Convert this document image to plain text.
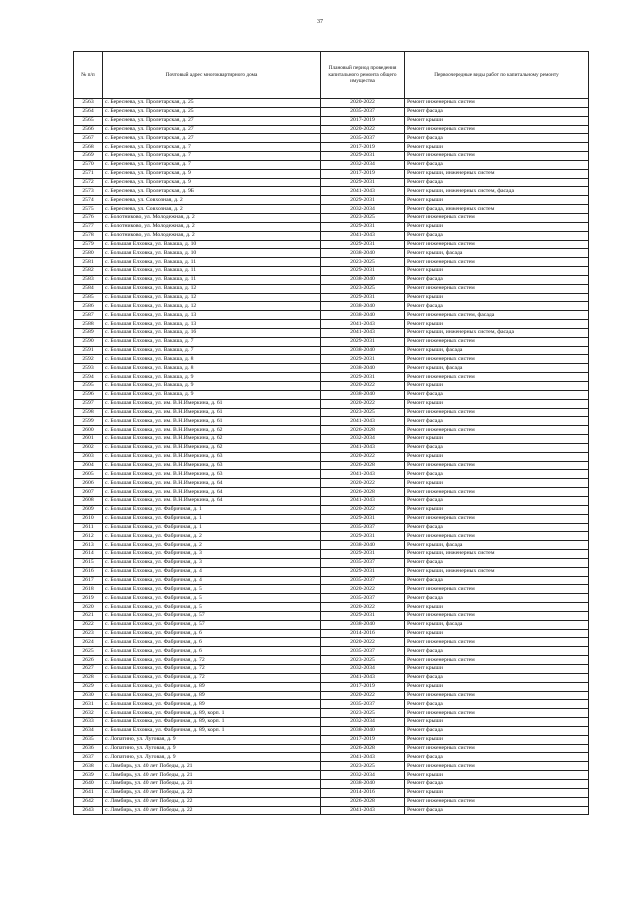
37
№ п/п	Почтовый адрес многоквартирного дома	Плановый период проведения капитального ремонта общего имущества	Первоочередные виды работ по капитальному ремонту
2563	с. Береснева, ул. Пролетарская, д. 25	2020-2022	Ремонт инженерных систем
2564	с. Береснева, ул. Пролетарская, д. 25	2035-2037	Ремонт фасада
2565	с. Береснева, ул. Пролетарская, д. 27	2017-2019	Ремонт крыши
2566	с. Береснева, ул. Пролетарская, д. 27	2020-2022	Ремонт инженерных систем
2567	с. Береснева, ул. Пролетарская, д. 27	2035-2037	Ремонт фасада
2568	с. Береснева, ул. Пролетарская, д. 7	2017-2019	Ремонт крыши
2569	с. Береснева, ул. Пролетарская, д. 7	2029-2031	Ремонт инженерных систем
2570	с. Береснева, ул. Пролетарская, д. 7	2032-2034	Ремонт фасада
2571	с. Береснева, ул. Пролетарская, д. 9	2017-2019	Ремонт крыши, инженерных систем
2572	с. Береснева, ул. Пролетарская, д. 9	2029-2031	Ремонт фасада
2573	с. Береснева, ул. Пролетарская, д. 9Б	2041-2043	Ремонт крыши, инженерных систем, фасада
2574	с. Береснева, ул. Совхозная, д. 2	2029-2031	Ремонт крыши
2575	с. Береснева, ул. Совхозная, д. 2	2032-2034	Ремонт фасада, инженерных систем
2576	с. Болотниково, ул. Молодежная, д. 2	2023-2025	Ремонт инженерных систем
2577	с. Болотниково, ул. Молодежная, д. 2	2029-2031	Ремонт крыши
2578	с. Болотниково, ул. Молодежная, д. 2	2041-2043	Ремонт фасада
2579	с. Большая Елховка, ул. Вакаша, д. 10	2029-2031	Ремонт инженерных систем
2580	с. Большая Елховка, ул. Вакаша, д. 10	2038-2040	Ремонт крыши, фасада
2581	с. Большая Елховка, ул. Вакаша, д. 11	2023-2025	Ремонт инженерных систем
2582	с. Большая Елховка, ул. Вакаша, д. 11	2029-2031	Ремонт крыши
2583	с. Большая Елховка, ул. Вакаша, д. 11	2038-2040	Ремонт фасада
2584	с. Большая Елховка, ул. Вакаша, д. 12	2023-2025	Ремонт инженерных систем
2585	с. Большая Елховка, ул. Вакаша, д. 12	2029-2031	Ремонт крыши
2586	с. Большая Елховка, ул. Вакаша, д. 12	2038-2040	Ремонт фасада
2587	с. Большая Елховка, ул. Вакаша, д. 13	2038-2040	Ремонт инженерных систем, фасада
2588	с. Большая Елховка, ул. Вакаша, д. 13	2041-2043	Ремонт крыши
2589	с. Большая Елховка, ул. Вакаша, д. 16	2041-2043	Ремонт крыши, инженерных систем, фасада
2590	с. Большая Елховка, ул. Вакаша, д. 7	2029-2031	Ремонт инженерных систем
2591	с. Большая Елховка, ул. Вакаша, д. 7	2038-2040	Ремонт крыши, фасада
2592	с. Большая Елховка, ул. Вакаша, д. 8	2029-2031	Ремонт инженерных систем
2593	с. Большая Елховка, ул. Вакаша, д. 8	2038-2040	Ремонт крыши, фасада
2594	с. Большая Елховка, ул. Вакаша, д. 9	2029-2031	Ремонт инженерных систем
2595	с. Большая Елховка, ул. Вакаша, д. 9	2020-2022	Ремонт крыши
2596	с. Большая Елховка, ул. Вакаша, д. 9	2038-2040	Ремонт фасада
2597	с. Большая Елховка, ул. им. В.Н.Имеркина, д. 61	2020-2022	Ремонт крыши
2598	с. Большая Елховка, ул. им. В.Н.Имеркина, д. 61	2023-2025	Ремонт инженерных систем
2599	с. Большая Елховка, ул. им. В.Н.Имеркина, д. 61	2041-2043	Ремонт фасада
2600	с. Большая Елховка, ул. им. В.Н.Имеркина, д. 62	2026-2028	Ремонт инженерных систем
2601	с. Большая Елховка, ул. им. В.Н.Имеркина, д. 62	2032-2034	Ремонт крыши
2602	с. Большая Елховка, ул. им. В.Н.Имеркина, д. 62	2041-2043	Ремонт фасада
2603	с. Большая Елховка, ул. им. В.Н.Имеркина, д. 63	2020-2022	Ремонт крыши
2604	с. Большая Елховка, ул. им. В.Н.Имеркина, д. 63	2026-2028	Ремонт инженерных систем
2605	с. Большая Елховка, ул. им. В.Н.Имеркина, д. 63	2041-2043	Ремонт фасада
2606	с. Большая Елховка, ул. им. В.Н.Имеркина, д. 64	2020-2022	Ремонт крыши
2607	с. Большая Елховка, ул. им. В.Н.Имеркина, д. 64	2026-2028	Ремонт инженерных систем
2608	с. Большая Елховка, ул. им. В.Н.Имеркина, д. 64	2041-2043	Ремонт фасада
2609	с. Большая Елховка, ул. Фабричная, д. 1	2020-2022	Ремонт крыши
2610	с. Большая Елховка, ул. Фабричная, д. 1	2029-2031	Ремонт инженерных систем
2611	с. Большая Елховка, ул. Фабричная, д. 1	2035-2037	Ремонт фасада
2612	с. Большая Елховка, ул. Фабричная, д. 2	2029-2031	Ремонт инженерных систем
2613	с. Большая Елховка, ул. Фабричная, д. 2	2038-2040	Ремонт крыши, фасада
2614	с. Большая Елховка, ул. Фабричная, д. 3	2029-2031	Ремонт крыши, инженерных систем
2615	с. Большая Елховка, ул. Фабричная, д. 3	2035-2037	Ремонт фасада
2616	с. Большая Елховка, ул. Фабричная, д. 4	2029-2031	Ремонт крыши, инженерных систем
2617	с. Большая Елховка, ул. Фабричная, д. 4	2035-2037	Ремонт фасада
2618	с. Большая Елховка, ул. Фабричная, д. 5	2020-2022	Ремонт инженерных систем
2619	с. Большая Елховка, ул. Фабричная, д. 5	2035-2037	Ремонт фасада
2620	с. Большая Елховка, ул. Фабричная, д. 5	2020-2022	Ремонт крыши
2621	с. Большая Елховка, ул. Фабричная, д. 57	2029-2031	Ремонт инженерных систем
2622	с. Большая Елховка, ул. Фабричная, д. 57	2038-2040	Ремонт крыши, фасада
2623	с. Большая Елховка, ул. Фабричная, д. 6	2014-2016	Ремонт крыши
2624	с. Большая Елховка, ул. Фабричная, д. 6	2020-2022	Ремонт инженерных систем
2625	с. Большая Елховка, ул. Фабричная, д. 6	2035-2037	Ремонт фасада
2626	с. Большая Елховка, ул. Фабричная, д. 72	2023-2025	Ремонт инженерных систем
2627	с. Большая Елховка, ул. Фабричная, д. 72	2032-2034	Ремонт крыши
2628	с. Большая Елховка, ул. Фабричная, д. 72	2041-2043	Ремонт фасада
2629	с. Большая Елховка, ул. Фабричная, д. 89	2017-2019	Ремонт крыши
2630	с. Большая Елховка, ул. Фабричная, д. 89	2020-2022	Ремонт инженерных систем
2631	с. Большая Елховка, ул. Фабричная, д. 89	2035-2037	Ремонт фасада
2632	с. Большая Елховка, ул. Фабричная, д. 89, корп. 1	2023-2025	Ремонт инженерных систем
2633	с. Большая Елховка, ул. Фабричная, д. 89, корп. 1	2032-2034	Ремонт крыши
2634	с. Большая Елховка, ул. Фабричная, д. 89, корп. 1	2038-2040	Ремонт фасада
2635	с. Лопатино, ул. Луговая, д. 9	2017-2019	Ремонт крыши
2636	с. Лопатино, ул. Луговая, д. 9	2026-2028	Ремонт инженерных систем
2637	с. Лопатино, ул. Луговая, д. 9	2041-2043	Ремонт фасада
2638	с. Лямбирь, ул. 40 лет Победы, д. 21	2023-2025	Ремонт инженерных систем
2639	с. Лямбирь, ул. 40 лет Победы, д. 21	2032-2034	Ремонт крыши
2640	с. Лямбирь, ул. 40 лет Победы, д. 21	2038-2040	Ремонт фасада
2641	с. Лямбирь, ул. 40 лет Победы, д. 22	2014-2016	Ремонт крыши
2642	с. Лямбирь, ул. 40 лет Победы, д. 22	2026-2028	Ремонт инженерных систем
2643	с. Лямбирь, ул. 40 лет Победы, д. 22	2041-2043	Ремонт фасада
